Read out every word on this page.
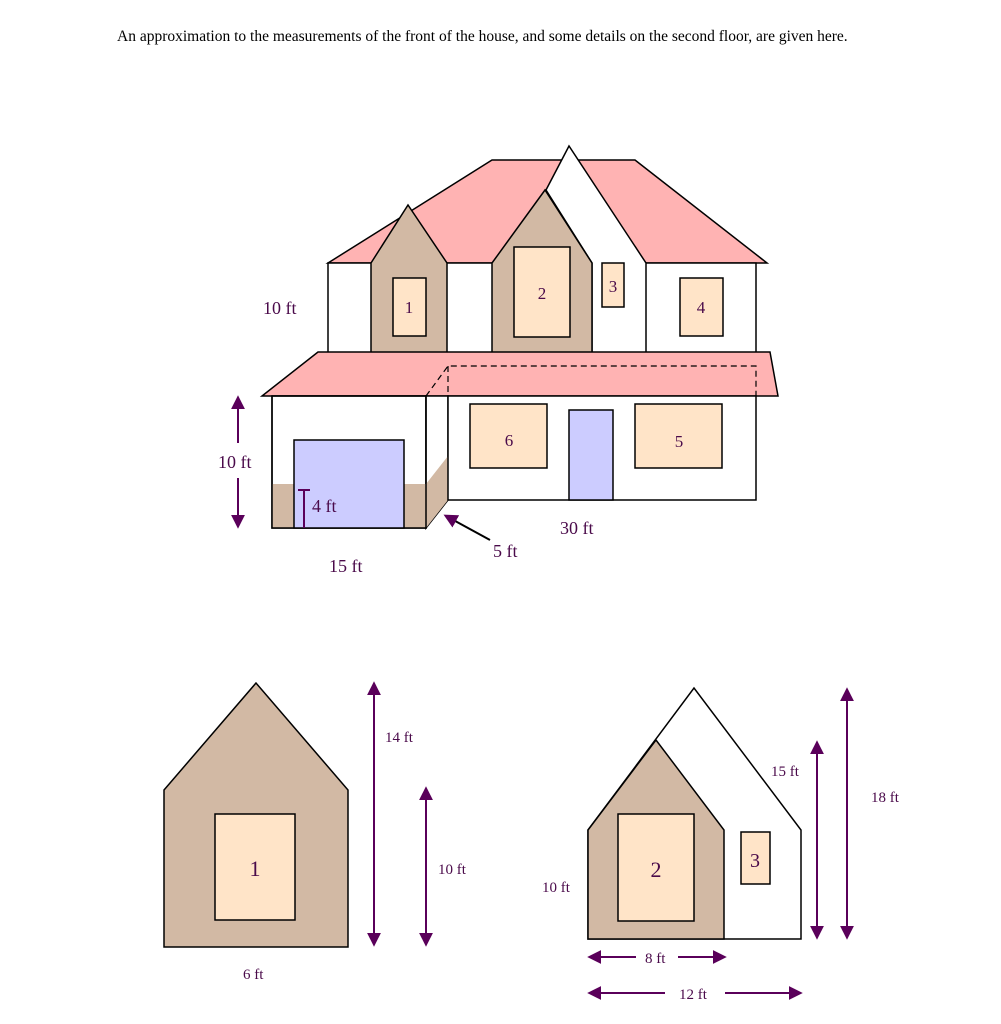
An approximation to the measurements of the front of the house, and some details on the second floor, are given here.

1
2	3
4
5
6
10 ft
10 ft
4 ft
15 ft
5 ft
30 ft
1
14 ft
10 ft
6 ft
2	3
10 ft
15 ft
18 ft
8 ft
12 ft
